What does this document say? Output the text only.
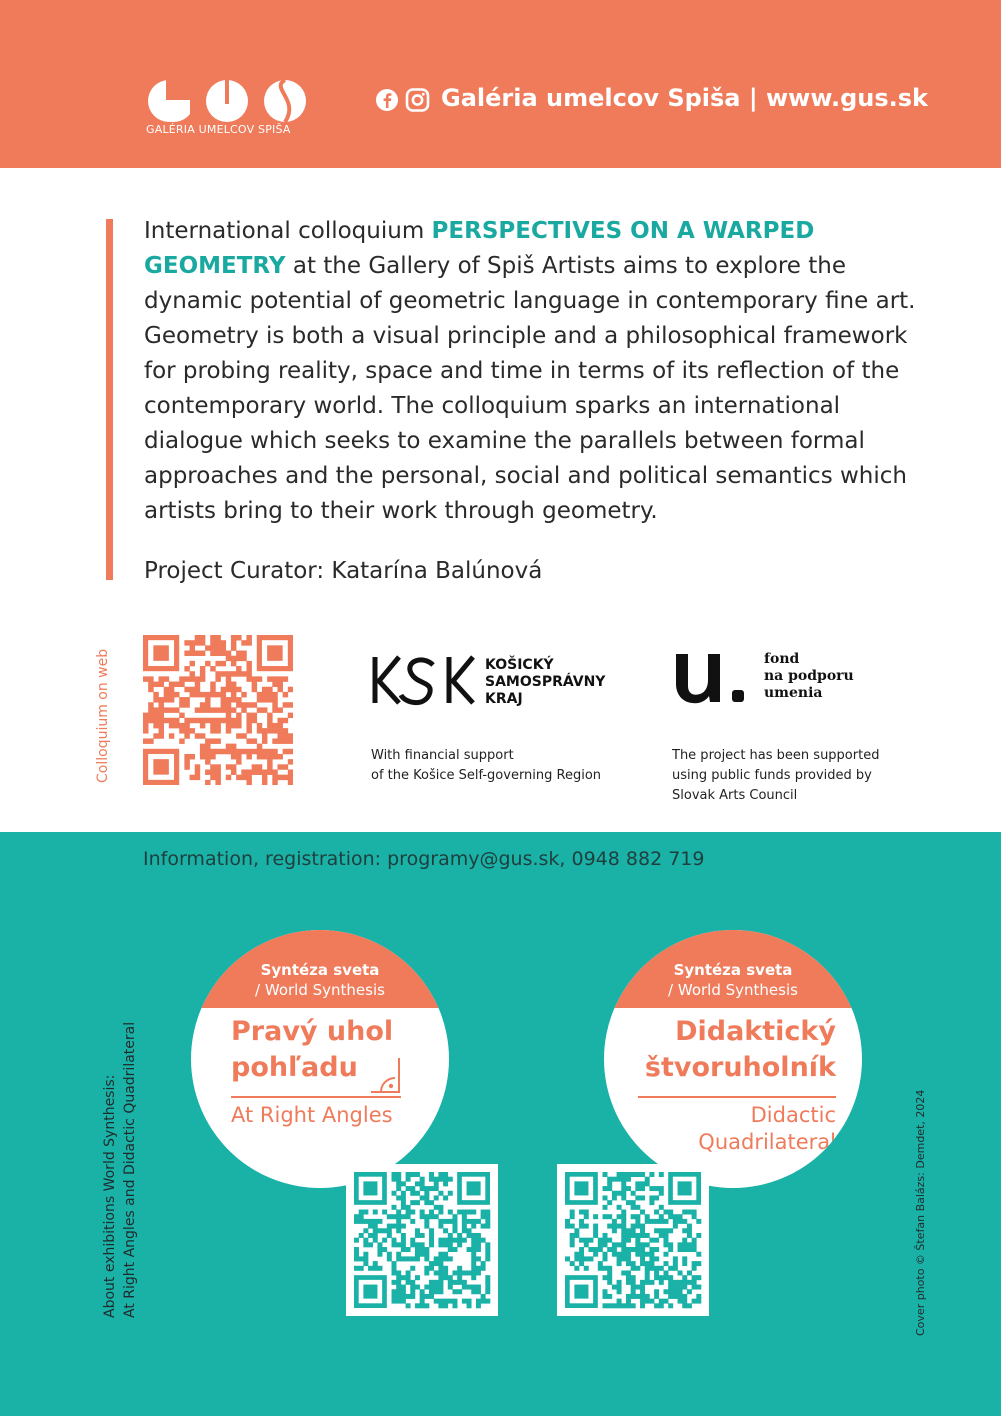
GALÉRIA UMELCOV SPIŠA
Galéria umelcov Spiša | www.gus.sk
International colloquium PERSPECTIVES ON A WARPED GEOMETRY at the Gallery of Spiš Artists aims to explore the dynamic potential of geometric language in contemporary fine art. Geometry is both a visual principle and a philosophical framework for probing reality, space and time in terms of its reflection of the contemporary world. The colloquium sparks an international dialogue which seeks to examine the parallels between formal approaches and the personal, social and political semantics which artists bring to their work through geometry.
Project Curator: Katarína Balúnová
Colloquium on web	KOŠICKÝ
SAMOSPRÁVNY
KRAJ
With financial support
of the Košice Self-governing Region
fond
na podporu
umenia
The project has been supported
using public funds provided by
Slovak Arts Council
Information, registration: programy@gus.sk, 0948 882 719
About exhibitions World Synthesis: At Right Angles and Didactic Quadrilateral	Cover photo © Štefan Balázs: Demdet, 2024
Syntéza sveta
/ World Synthesis
Pravý uhol
pohľadu
At Right Angles
Syntéza sveta
/ World Synthesis
Didaktický
štvoruholník
Didactic
Quadrilateral
